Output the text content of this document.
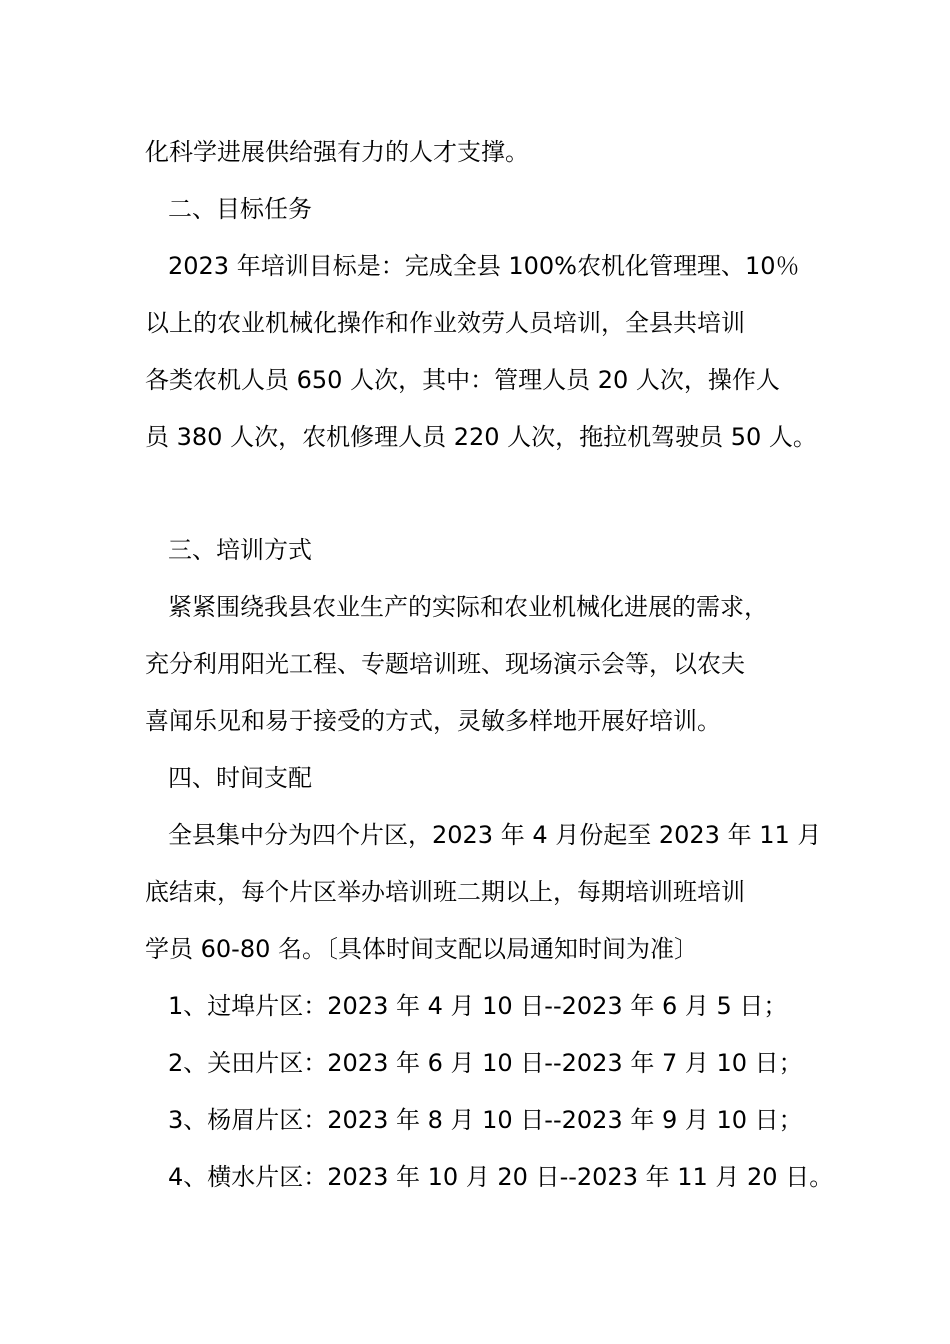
化科学进展供给强有力的人才支撑。
二、目标任务
2023 年培训目标是：完成全县 100%农机化管理理、10％
以上的农业机械化操作和作业效劳人员培训，全县共培训
各类农机人员 650 人次，其中：管理人员 20 人次，操作人
员 380 人次，农机修理人员 220 人次，拖拉机驾驶员 50 人。
三、培训方式
紧紧围绕我县农业生产的实际和农业机械化进展的需求，
充分利用阳光工程、专题培训班、现场演示会等，以农夫
喜闻乐见和易于接受的方式，灵敏多样地开展好培训。
四、时间支配
全县集中分为四个片区，2023 年 4 月份起至 2023 年 11 月
底结束，每个片区举办培训班二期以上，每期培训班培训
学员 60-80 名。〔具体时间支配以局通知时间为准〕
1、过埠片区：2023 年 4 月 10 日--2023 年 6 月 5 日；
2、关田片区：2023 年 6 月 10 日--2023 年 7 月 10 日；
3、杨眉片区：2023 年 8 月 10 日--2023 年 9 月 10 日；
4、横水片区：2023 年 10 月 20 日--2023 年 11 月 20 日。
